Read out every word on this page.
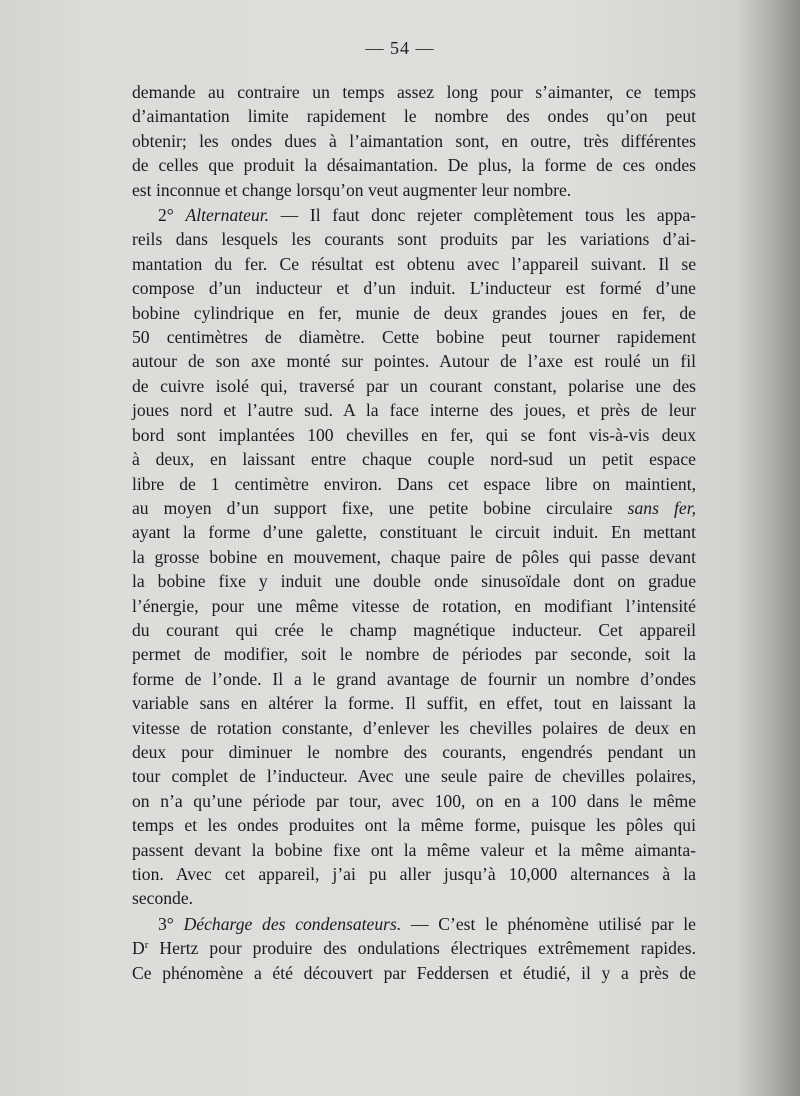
— 54 —

demande au contraire un temps assez long pour s’aimanter, ce temps
d’aimantation limite rapidement le nombre des ondes qu’on peut
obtenir; les ondes dues à l’aimantation sont, en outre, très différentes
de celles que produit la désaimantation. De plus, la forme de ces ondes
est inconnue et change lorsqu’on veut augmenter leur nombre.

2° Alternateur. — Il faut donc rejeter complètement tous les appa-
reils dans lesquels les courants sont produits par les variations d’ai-
mantation du fer. Ce résultat est obtenu avec l’appareil suivant. Il se
compose d’un inducteur et d’un induit. L’inducteur est formé d’une
bobine cylindrique en fer, munie de deux grandes joues en fer, de
50 centimètres de diamètre. Cette bobine peut tourner rapidement
autour de son axe monté sur pointes. Autour de l’axe est roulé un fil
de cuivre isolé qui, traversé par un courant constant, polarise une des
joues nord et l’autre sud. A la face interne des joues, et près de leur
bord sont implantées 100 chevilles en fer, qui se font vis-à-vis deux
à deux, en laissant entre chaque couple nord-sud un petit espace
libre de 1 centimètre environ. Dans cet espace libre on maintient,
au moyen d’un support fixe, une petite bobine circulaire sans fer,
ayant la forme d’une galette, constituant le circuit induit. En mettant
la grosse bobine en mouvement, chaque paire de pôles qui passe devant
la bobine fixe y induit une double onde sinusoïdale dont on gradue
l’énergie, pour une même vitesse de rotation, en modifiant l’intensité
du courant qui crée le champ magnétique inducteur. Cet appareil
permet de modifier, soit le nombre de périodes par seconde, soit la
forme de l’onde. Il a le grand avantage de fournir un nombre d’ondes
variable sans en altérer la forme. Il suffit, en effet, tout en laissant la
vitesse de rotation constante, d’enlever les chevilles polaires de deux en
deux pour diminuer le nombre des courants, engendrés pendant un
tour complet de l’inducteur. Avec une seule paire de chevilles polaires,
on n’a qu’une période par tour, avec 100, on en a 100 dans le même
temps et les ondes produites ont la même forme, puisque les pôles qui
passent devant la bobine fixe ont la même valeur et la même aimanta-
tion. Avec cet appareil, j’ai pu aller jusqu’à 10,000 alternances à la
seconde.

3° Décharge des condensateurs. — C’est le phénomène utilisé par le
$D^r$ Hertz pour produire des ondulations électriques extrêmement rapides.
Ce phénomène a été découvert par Feddersen et étudié, il y a près de
